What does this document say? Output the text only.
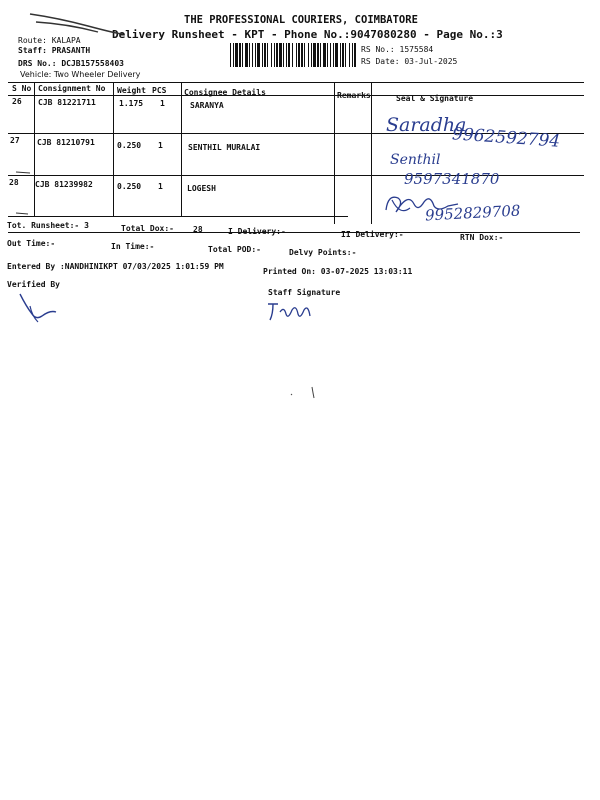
THE PROFESSIONAL COURIERS, COIMBATORE
Delivery Runsheet - KPT - Phone No.:9047080280 - Page No.:3
Route: KALAPA
Staff: PRASANTH
DRS No.: DCJB157558403
Vehicle: Two Wheeler Delivery
RS No.: 1575584
RS Date: 03-Jul-2025
S No Consignment No Weight PCS Consignee Details	Remarks	Seal & Signature
26 CJB 81221711	1.175 1	SARANYA
Saradha
9962592794
27 CJB 81210791	0.250 1	SENTHIL MURALAI
Senthil
9597341870
28 CJB 81239982	0.250 1	LOGESH
9952829708
Tot. Runsheet:- 3	Total Dox:- 28	I Delivery:-	II Delivery:-	RTN Dox:-
Out Time:-	In Time:-	Total POD:-	Delvy Points:-
Entered By :NANDHINIKPT 07/03/2025 1:01:59 PM
Printed On: 03-07-2025 13:03:11
Verified By
Staff Signature
